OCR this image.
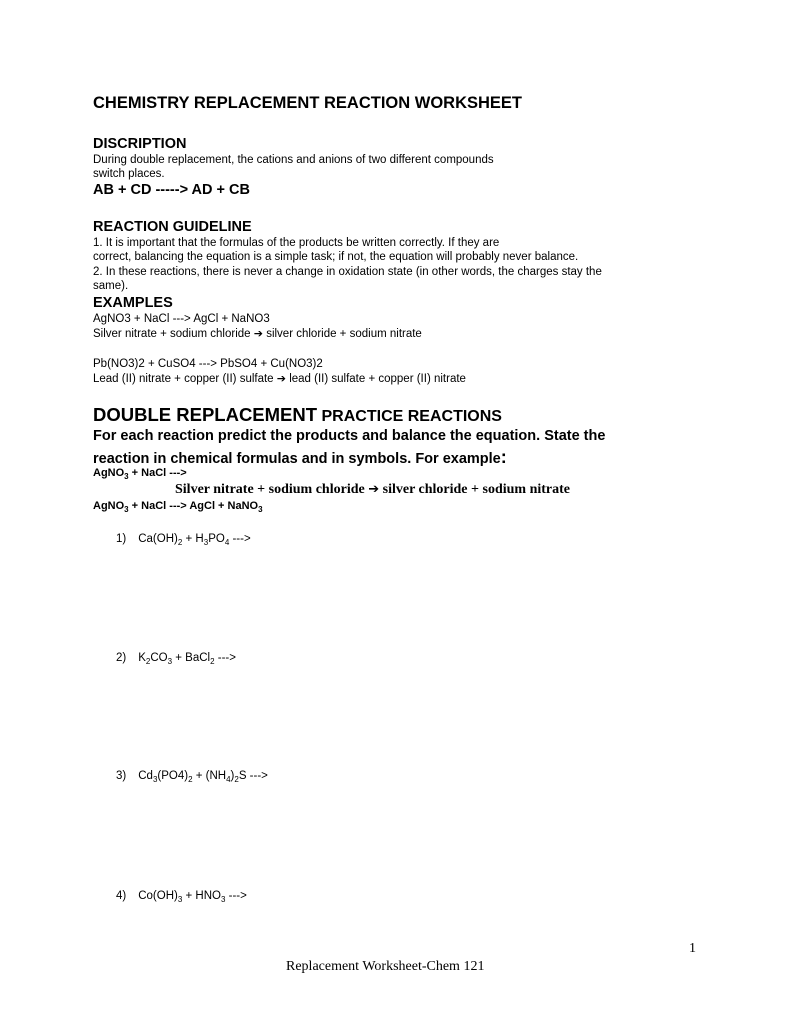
CHEMISTRY REPLACEMENT REACTION WORKSHEET
DISCRIPTION
During double replacement, the cations and anions of two different compounds
switch places.
AB + CD -----> AD + CB
REACTION GUIDELINE
1. It is important that the formulas of the products be written correctly. If they are
correct, balancing the equation is a simple task; if not, the equation will probably never balance.
2. In these reactions, there is never a change in oxidation state (in other words, the charges stay the
same).
EXAMPLES
AgNO3 + NaCl ---> AgCl + NaNO3
Silver nitrate + sodium chloride ➔ silver chloride + sodium nitrate
Pb(NO3)2 + CuSO4 ---> PbSO4 + Cu(NO3)2
Lead (II) nitrate + copper (II) sulfate ➔ lead (II) sulfate + copper (II) nitrate
DOUBLE REPLACEMENT PRACTICE REACTIONS
For each reaction predict the products and balance the equation. State the
reaction in chemical formulas and in symbols. For example:
AgNO$_3$ + NaCl --->
Silver nitrate + sodium chloride ➔ silver chloride + sodium nitrate
AgNO$_3$ + NaCl ---> AgCl + NaNO$_3$
1) $Ca(OH)_2 + H_3PO_4$ --->
2) $K_2CO_3$ + BaCl$_2$ --->
3) $Cd_3(PO4)_2 + (NH_4)_2S$ --->
4) $Co(OH)_3 + HNO_3$ --->
1
Replacement Worksheet-Chem 121
